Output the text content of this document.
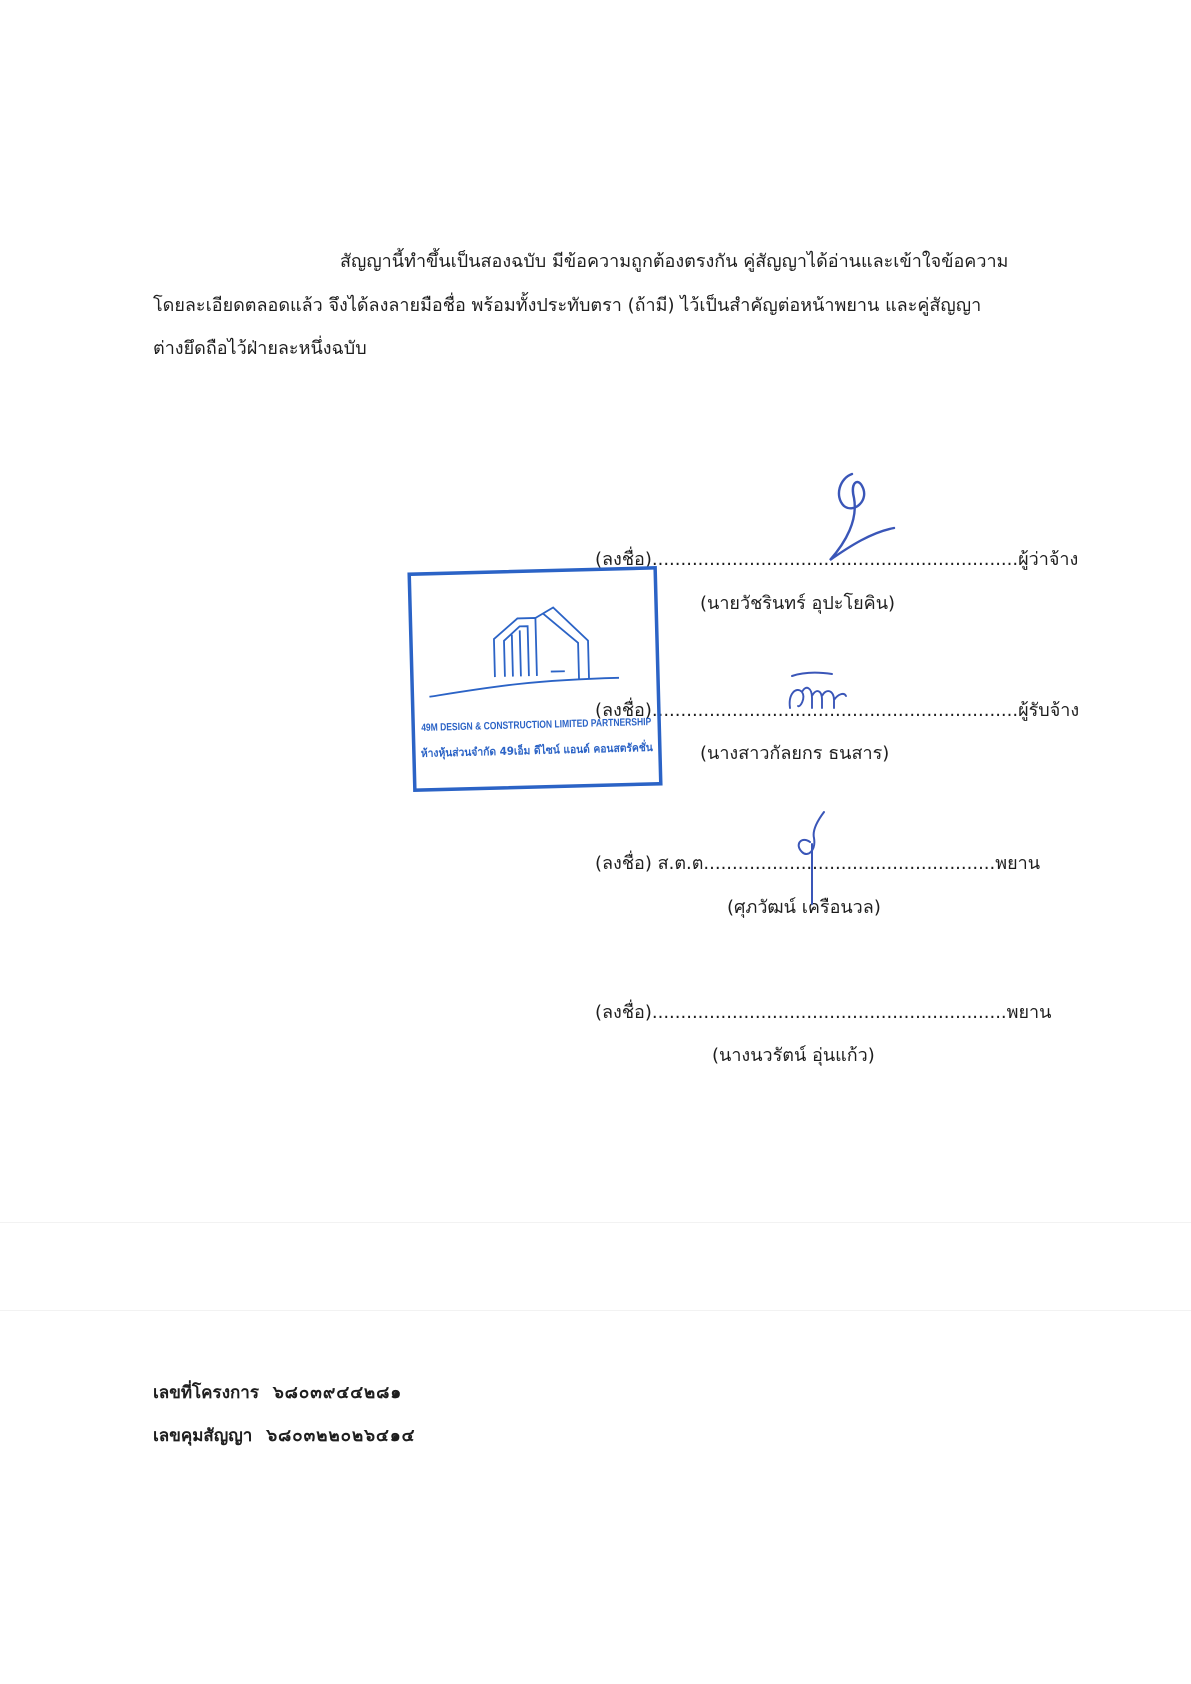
สัญญานี้ทำขึ้นเป็นสองฉบับ มีข้อความถูกต้องตรงกัน คู่สัญญาได้อ่านและเข้าใจข้อความ
โดยละเอียดตลอดแล้ว จึงได้ลงลายมือชื่อ พร้อมทั้งประทับตรา (ถ้ามี) ไว้เป็นสำคัญต่อหน้าพยาน และคู่สัญญา
ต่างยึดถือไว้ฝ่ายละหนึ่งฉบับ
(ลงชื่อ)................................................................ผู้ว่าจ้าง
(นายวัชรินทร์ อุปะโยคิน)
(ลงชื่อ)................................................................ผู้รับจ้าง
(นางสาวกัลยกร ธนสาร)
(ลงชื่อ) ส.ต.ต...................................................พยาน
(ศุภวัฒน์ เครือนวล)
(ลงชื่อ)..............................................................พยาน
(นางนวรัตน์ อุ่นแก้ว)
49M DESIGN & CONSTRUCTION LIMITED PARTNERSHIP
ห้างหุ้นส่วนจำกัด 49เอ็ม ดีไซน์ แอนด์ คอนสตรัคชั่น
เลขที่โครงการ ๖๘๐๓๙๔๔๒๘๑
เลขคุมสัญญา ๖๘๐๓๒๒๐๒๖๔๑๔
